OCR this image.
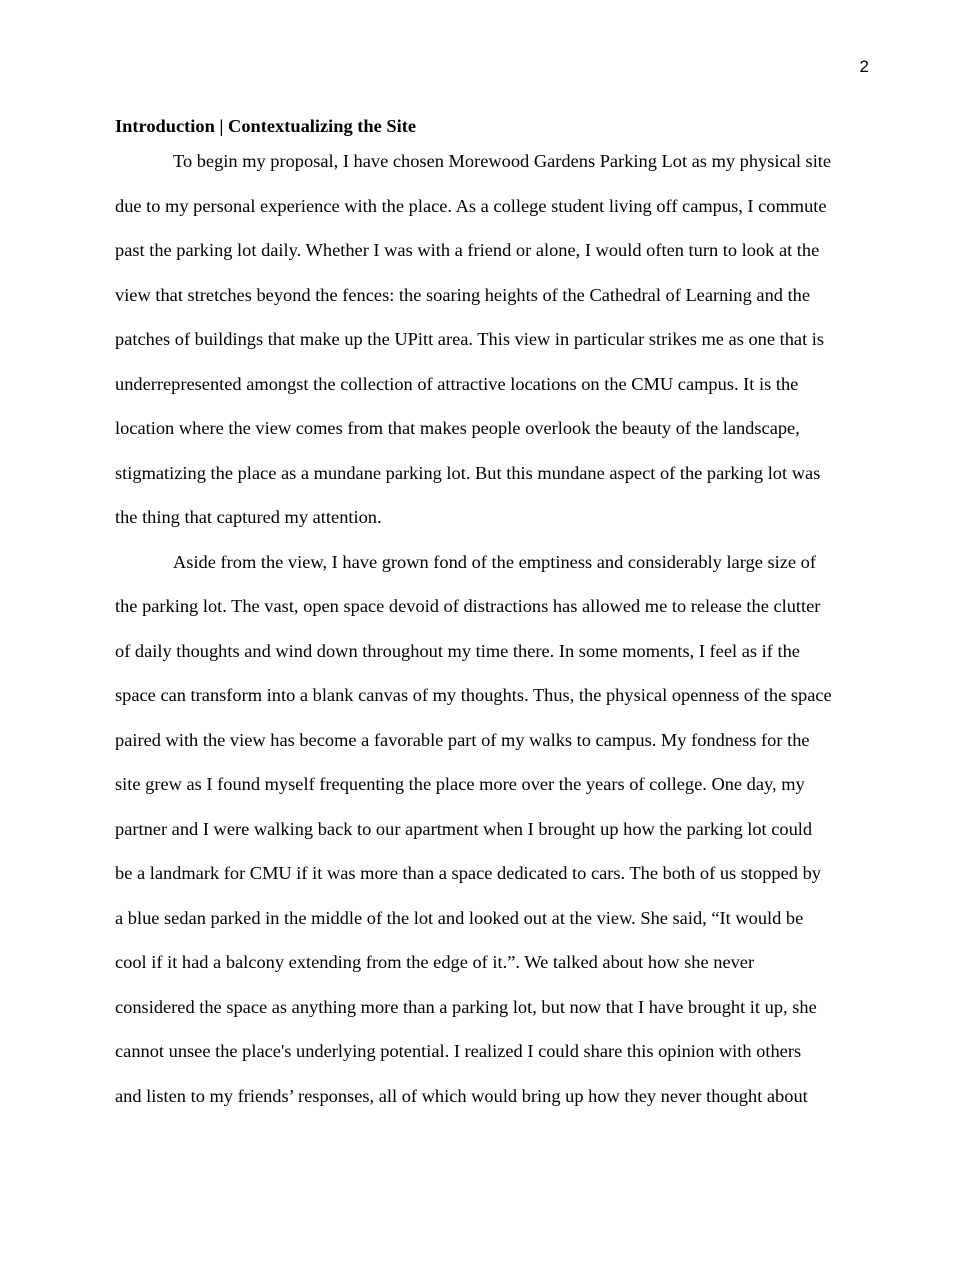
2
Introduction | Contextualizing the Site
To begin my proposal, I have chosen Morewood Gardens Parking Lot as my physical site
due to my personal experience with the place. As a college student living off campus, I commute
past the parking lot daily. Whether I was with a friend or alone, I would often turn to look at the
view that stretches beyond the fences: the soaring heights of the Cathedral of Learning and the
patches of buildings that make up the UPitt area. This view in particular strikes me as one that is
underrepresented amongst the collection of attractive locations on the CMU campus. It is the
location where the view comes from that makes people overlook the beauty of the landscape,
stigmatizing the place as a mundane parking lot. But this mundane aspect of the parking lot was
the thing that captured my attention.
Aside from the view, I have grown fond of the emptiness and considerably large size of
the parking lot. The vast, open space devoid of distractions has allowed me to release the clutter
of daily thoughts and wind down throughout my time there. In some moments, I feel as if the
space can transform into a blank canvas of my thoughts. Thus, the physical openness of the space
paired with the view has become a favorable part of my walks to campus. My fondness for the
site grew as I found myself frequenting the place more over the years of college. One day, my
partner and I were walking back to our apartment when I brought up how the parking lot could
be a landmark for CMU if it was more than a space dedicated to cars. The both of us stopped by
a blue sedan parked in the middle of the lot and looked out at the view. She said, “It would be
cool if it had a balcony extending from the edge of it.”. We talked about how she never
considered the space as anything more than a parking lot, but now that I have brought it up, she
cannot unsee the place's underlying potential. I realized I could share this opinion with others
and listen to my friends’ responses, all of which would bring up how they never thought about
